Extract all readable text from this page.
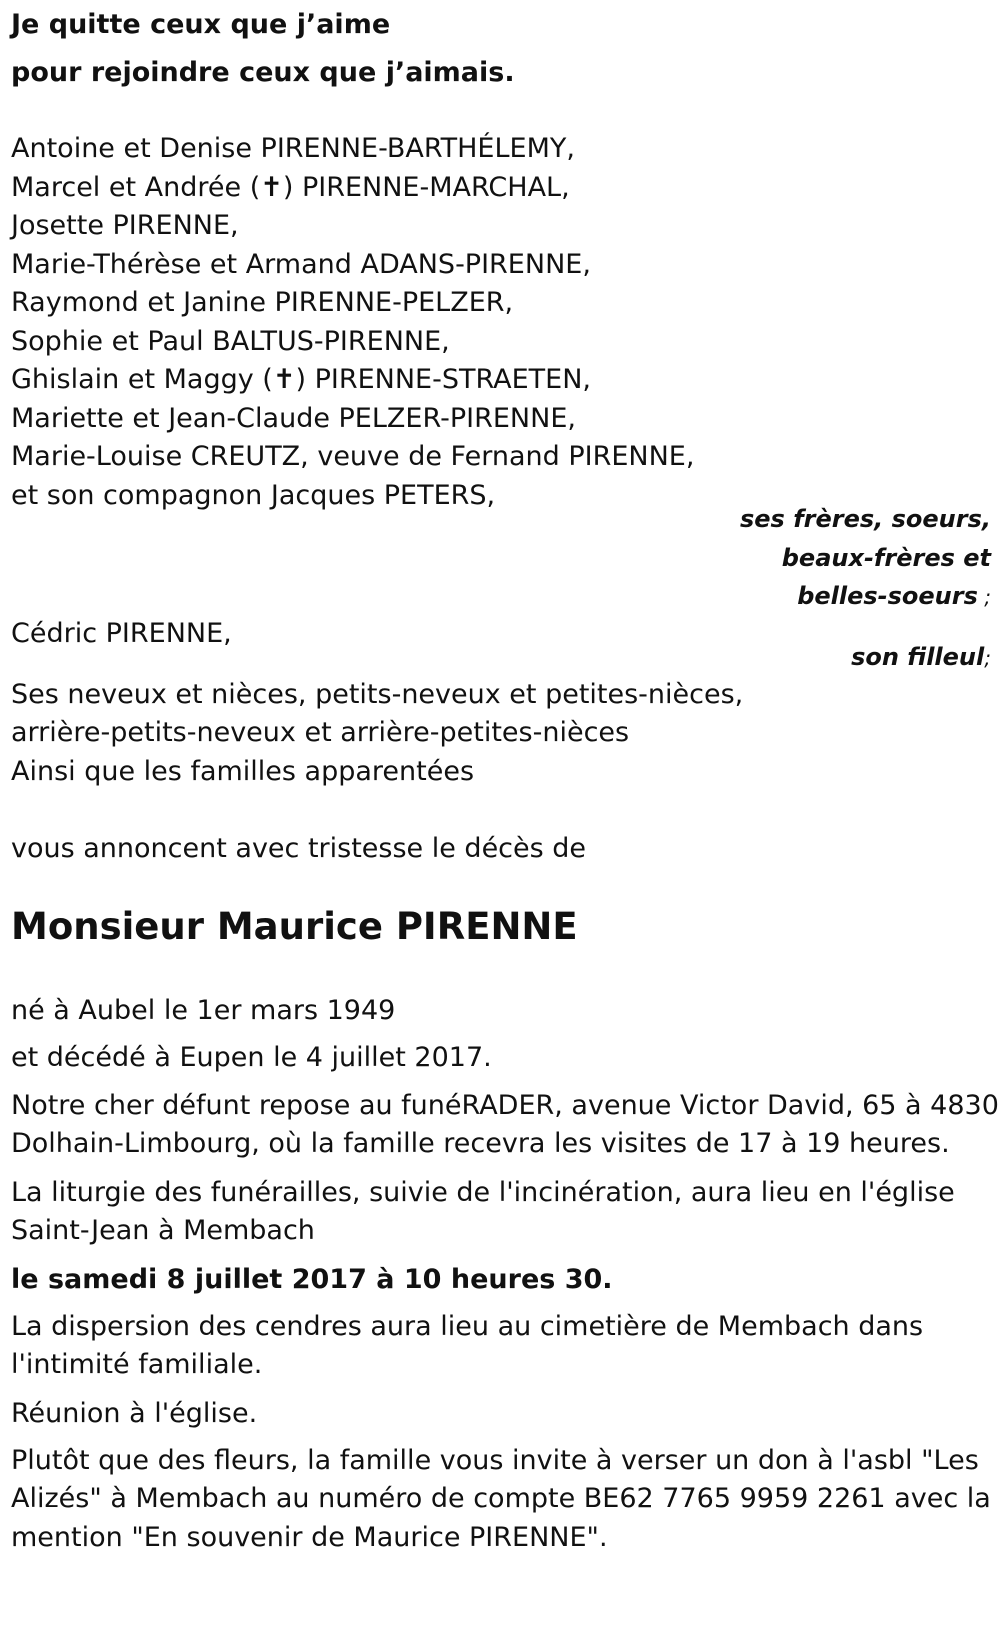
Je quitte ceux que j’aime
pour rejoindre ceux que j’aimais.
Antoine et Denise PIRENNE-BARTHÉLEMY,
Marcel et Andrée (✝) PIRENNE-MARCHAL,
Josette PIRENNE,
Marie-Thérèse et Armand ADANS-PIRENNE,
Raymond et Janine PIRENNE-PELZER,
Sophie et Paul BALTUS-PIRENNE,
Ghislain et Maggy (✝) PIRENNE-STRAETEN,
Mariette et Jean-Claude PELZER-PIRENNE,
Marie-Louise CREUTZ, veuve de Fernand PIRENNE,
et son compagnon Jacques PETERS,
ses frères, soeurs,
beaux-frères et
belles-soeurs ;
Cédric PIRENNE,
son filleul;
Ses neveux et nièces, petits-neveux et petites-nièces,
arrière-petits-neveux et arrière-petites-nièces
Ainsi que les familles apparentées
vous annoncent avec tristesse le décès de
Monsieur Maurice PIRENNE
né à Aubel le 1er mars 1949
et décédé à Eupen le 4 juillet 2017.
Notre cher défunt repose au funéRADER, avenue Victor David, 65 à 4830
Dolhain-Limbourg, où la famille recevra les visites de 17 à 19 heures.
La liturgie des funérailles, suivie de l'incinération, aura lieu en l'église
Saint-Jean à Membach
le samedi 8 juillet 2017 à 10 heures 30.
La dispersion des cendres aura lieu au cimetière de Membach dans
l'intimité familiale.
Réunion à l'église.
Plutôt que des fleurs, la famille vous invite à verser un don à l'asbl "Les
Alizés" à Membach au numéro de compte BE62 7765 9959 2261 avec la
mention "En souvenir de Maurice PIRENNE".
